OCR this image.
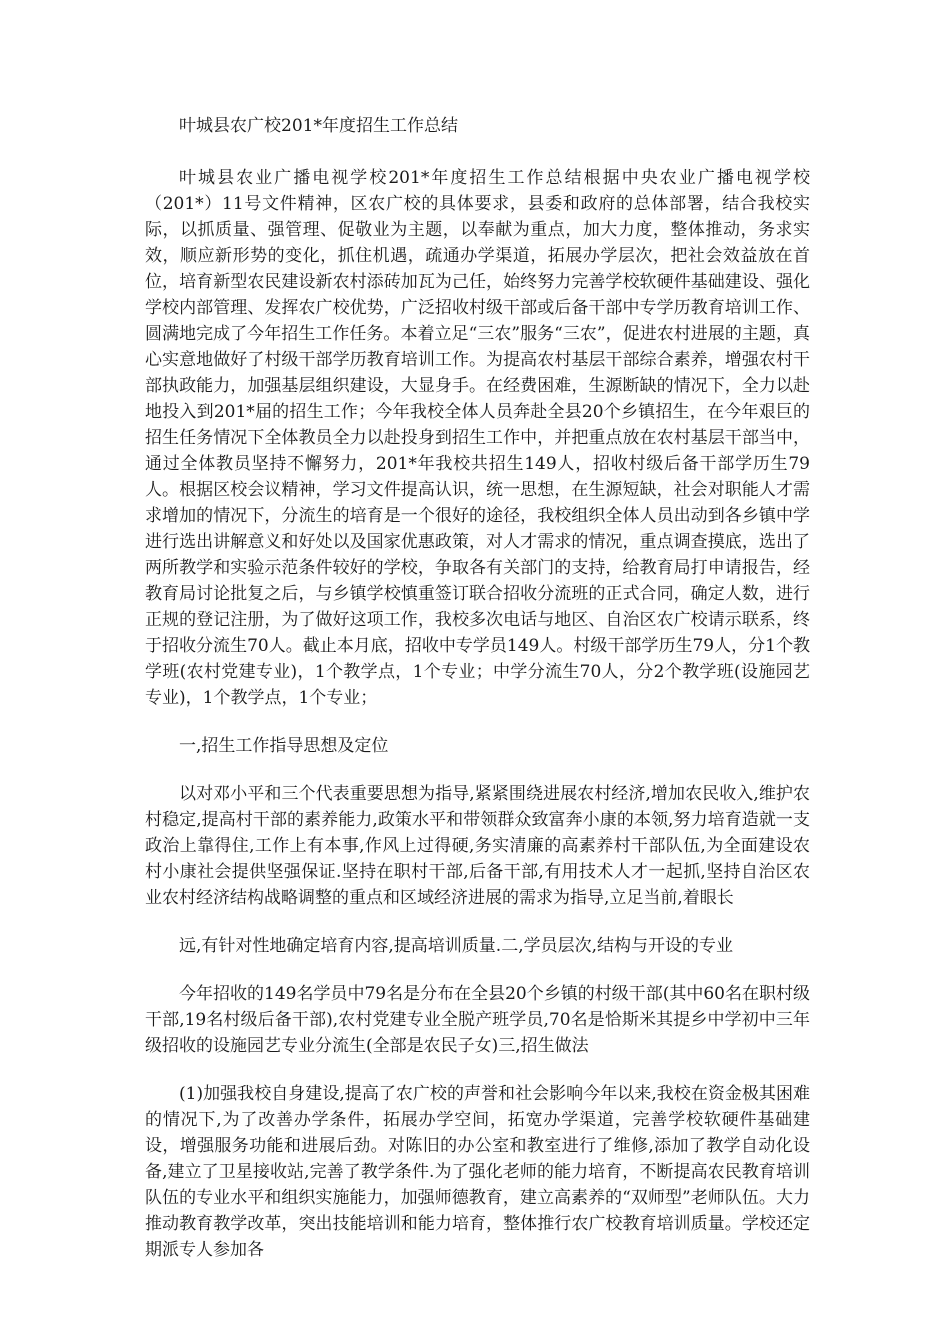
叶城县农广校201*年度招生工作总结

叶城县农业广播电视学校201*年度招生工作总结根据中央农业广播电视学校（201*）11号文件精神，区农广校的具体要求，县委和政府的总体部署，结合我校实际，以抓质量、强管理、促敬业为主题，以奉献为重点，加大力度，整体推动，务求实效，顺应新形势的变化，抓住机遇，疏通办学渠道，拓展办学层次，把社会效益放在首位，培育新型农民建设新农村添砖加瓦为己任，始终努力完善学校软硬件基础建设、强化学校内部管理、发挥农广校优势，广泛招收村级干部或后备干部中专学历教育培训工作、圆满地完成了今年招生工作任务。本着立足“三农”服务“三农”，促进农村进展的主题，真心实意地做好了村级干部学历教育培训工作。为提高农村基层干部综合素养，增强农村干部执政能力，加强基层组织建设，大显身手。在经费困难，生源断缺的情况下，全力以赴地投入到201*届的招生工作；今年我校全体人员奔赴全县20个乡镇招生，在今年艰巨的招生任务情况下全体教员全力以赴投身到招生工作中，并把重点放在农村基层干部当中，通过全体教员坚持不懈努力，201*年我校共招生149人，招收村级后备干部学历生79人。根据区校会议精神，学习文件提高认识，统一思想，在生源短缺，社会对职能人才需求增加的情况下，分流生的培育是一个很好的途径，我校组织全体人员出动到各乡镇中学进行选出讲解意义和好处以及国家优惠政策，对人才需求的情况，重点调查摸底，选出了两所教学和实验示范条件较好的学校，争取各有关部门的支持，给教育局打申请报告，经教育局讨论批复之后，与乡镇学校慎重签订联合招收分流班的正式合同，确定人数，进行正规的登记注册，为了做好这项工作，我校多次电话与地区、自治区农广校请示联系，终于招收分流生70人。截止本月底，招收中专学员149人。村级干部学历生79人，分1个教学班(农村党建专业)，1个教学点，1个专业；中学分流生70人，分2个教学班(设施园艺专业)，1个教学点，1个专业；

一,招生工作指导思想及定位

以对邓小平和三个代表重要思想为指导,紧紧围绕进展农村经济,增加农民收入,维护农村稳定,提高村干部的素养能力,政策水平和带领群众致富奔小康的本领,努力培育造就一支政治上靠得住,工作上有本事,作风上过得硬,务实清廉的高素养村干部队伍,为全面建设农村小康社会提供坚强保证.坚持在职村干部,后备干部,有用技术人才一起抓,坚持自治区农业农村经济结构战略调整的重点和区域经济进展的需求为指导,立足当前,着眼长

远,有针对性地确定培育内容,提高培训质量.二,学员层次,结构与开设的专业

今年招收的149名学员中79名是分布在全县20个乡镇的村级干部(其中60名在职村级干部,19名村级后备干部),农村党建专业全脱产班学员,70名是恰斯米其提乡中学初中三年级招收的设施园艺专业分流生(全部是农民子女)三,招生做法

(1)加强我校自身建设,提高了农广校的声誉和社会影响今年以来,我校在资金极其困难的情况下,为了改善办学条件，拓展办学空间，拓宽办学渠道，完善学校软硬件基础建设，增强服务功能和进展后劲。对陈旧的办公室和教室进行了维修,添加了教学自动化设备,建立了卫星接收站,完善了教学条件.为了强化老师的能力培育，不断提高农民教育培训队伍的专业水平和组织实施能力，加强师德教育，建立高素养的“双师型”老师队伍。大力推动教育教学改革，突出技能培训和能力培育，整体推行农广校教育培训质量。学校还定期派专人参加各
